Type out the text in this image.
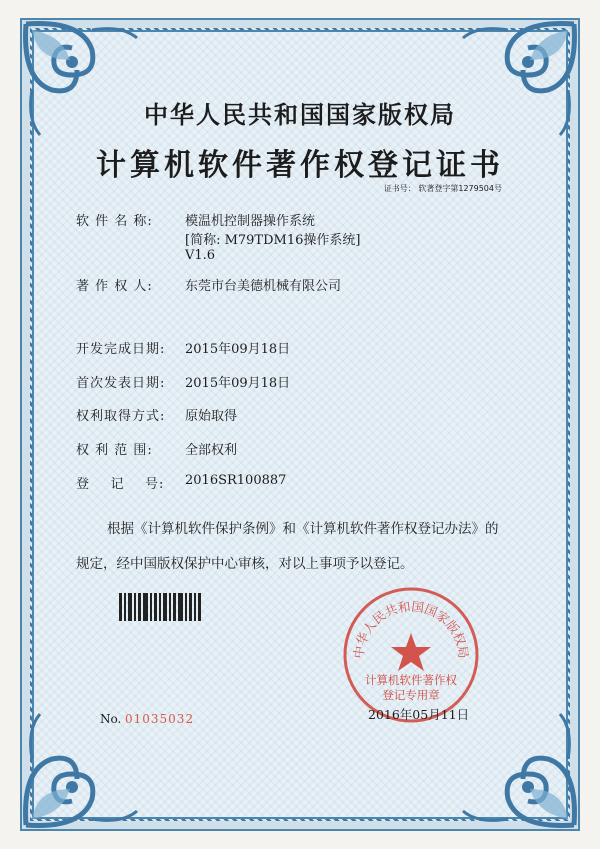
中华人民共和国国家版权局
计算机软件著作权登记证书
证书号： 软著登字第1279504号
软 件 名 称: 模温机控制器操作系统
[简称: M79TDM16操作系统]
V1.6
著 作 权 人: 东莞市台美德机械有限公司
开发完成日期: 2015年09月18日
首次发表日期: 2015年09月18日
权利取得方式: 原始取得
权 利 范 围: 全部权利
登    记    号: 2016SR100887
根据《计算机软件保护条例》和《计算机软件著作权登记办法》的
规定，经中国版权保护中心审核，对以上事项予以登记。
中华人民共和国国家版权局
计算机软件著作权
登记专用章
No. 01035032	2016年05月11日
